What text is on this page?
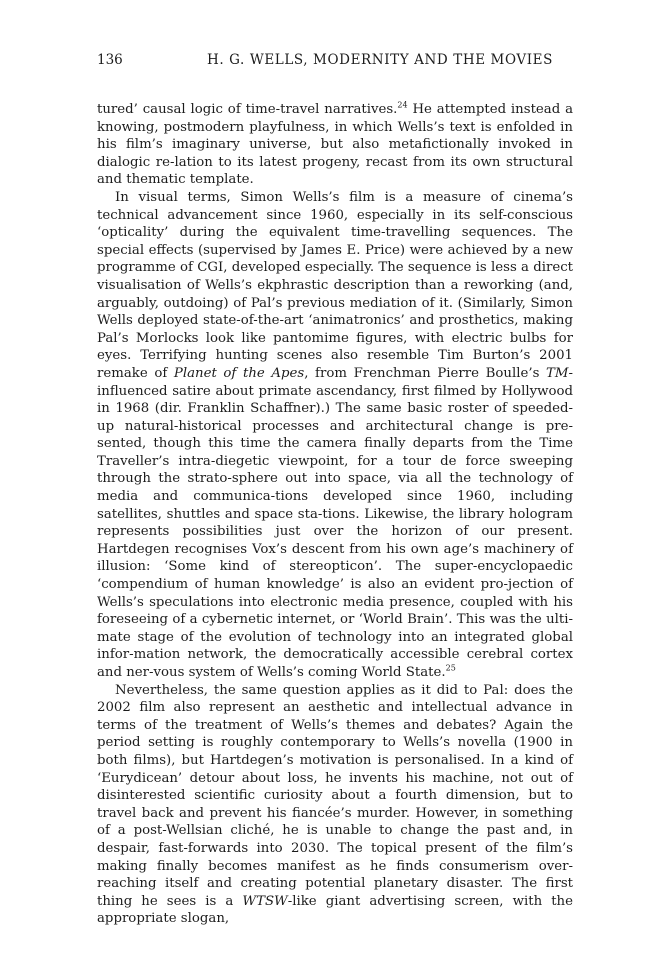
136	H. G. WELLS, MODERNITY AND THE MOVIES

tured’ causal logic of time-travel narratives.$^{24}$ He attempted instead a knowing, postmodern playfulness, in which Wells’s text is enfolded in his film’s imaginary universe, but also metafictionally invoked in dialogic re-lation to its latest progeny, recast from its own structural and thematic template.

In visual terms, Simon Wells’s film is a measure of cinema’s technical advancement since 1960, especially in its self-conscious ‘opticality’ during the equivalent time-travelling sequences. The special effects (supervised by James E. Price) were achieved by a new programme of CGI, developed especially. The sequence is less a direct visualisation of Wells’s ekphrastic description than a reworking (and, arguably, outdoing) of Pal’s previous mediation of it. (Similarly, Simon Wells deployed state-of-the-art ‘animatronics’ and prosthetics, making Pal’s Morlocks look like pantomime figures, with electric bulbs for eyes. Terrifying hunting scenes also resemble Tim Burton’s 2001 remake of Planet of the Apes, from Frenchman Pierre Boulle’s TM-influenced satire about primate ascendancy, first filmed by Hollywood in 1968 (dir. Franklin Schaffner).) The same basic roster of speeded-up natural-historical processes and architectural change is pre-sented, though this time the camera finally departs from the Time Traveller’s intra-diegetic viewpoint, for a tour de force sweeping through the strato-sphere out into space, via all the technology of media and communica-tions developed since 1960, including satellites, shuttles and space sta-tions. Likewise, the library hologram represents possibilities just over the horizon of our present. Hartdegen recognises Vox’s descent from his own age’s machinery of illusion: ‘Some kind of stereopticon’. The super-encyclopaedic ‘compendium of human knowledge’ is also an evident pro-jection of Wells’s speculations into electronic media presence, coupled with his foreseeing of a cybernetic internet, or ‘World Brain’. This was the ulti-mate stage of the evolution of technology into an integrated global infor-mation network, the democratically accessible cerebral cortex and ner-vous system of Wells’s coming World State.$^{25}$

Nevertheless, the same question applies as it did to Pal: does the 2002 film also represent an aesthetic and intellectual advance in terms of the treatment of Wells’s themes and debates? Again the period setting is roughly contemporary to Wells’s novella (1900 in both films), but Hartdegen’s motivation is personalised. In a kind of ‘Eurydicean’ detour about loss, he invents his machine, not out of disinterested scientific curiosity about a fourth dimension, but to travel back and prevent his fiancée’s murder. However, in something of a post-Wellsian cliché, he is unable to change the past and, in despair, fast-forwards into 2030. The topical present of the film’s making finally becomes manifest as he finds consumerism over-reaching itself and creating potential planetary disaster. The first thing he sees is a WTSW-like giant advertising screen, with the appropriate slogan,
